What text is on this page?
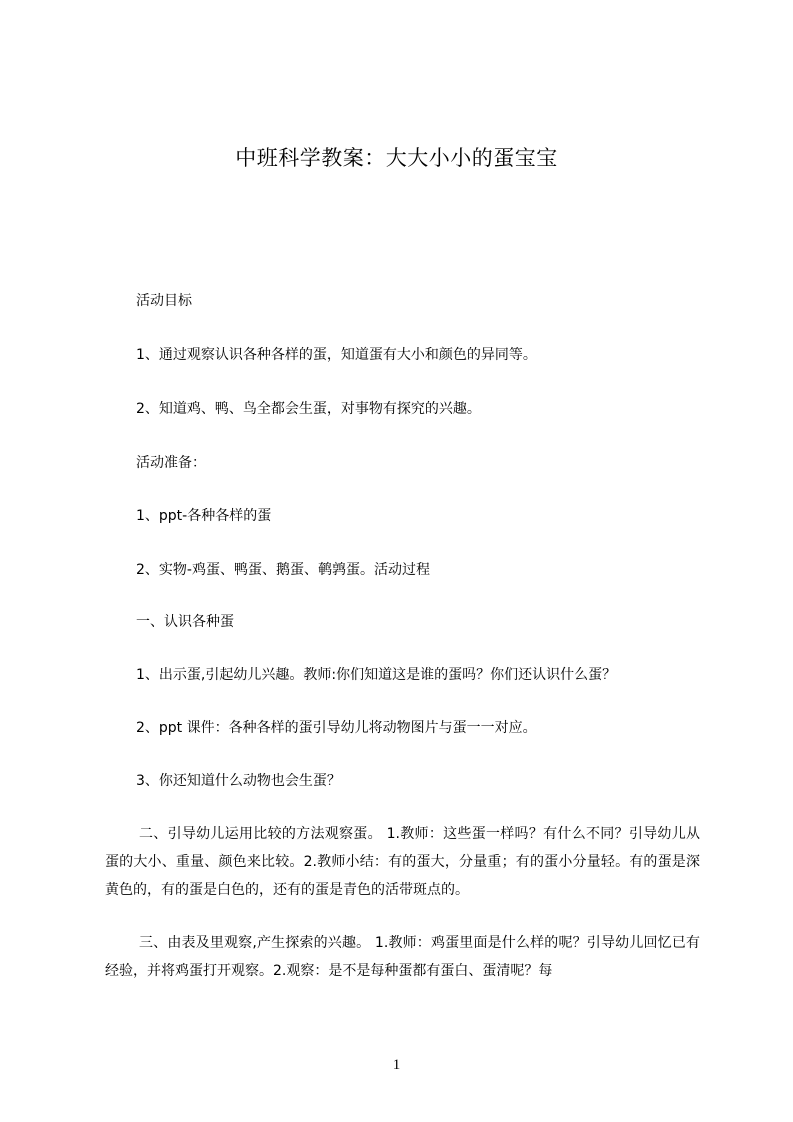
中班科学教案：大大小小的蛋宝宝
活动目标
1、通过观察认识各种各样的蛋，知道蛋有大小和颜色的异同等。
2、知道鸡、鸭、鸟全都会生蛋，对事物有探究的兴趣。
活动准备：
1、ppt-各种各样的蛋
2、实物-鸡蛋、鸭蛋、鹅蛋、鹌鹑蛋。活动过程
一、认识各种蛋
1、出示蛋,引起幼儿兴趣。教师:你们知道这是谁的蛋吗？你们还认识什么蛋？
2、ppt 课件：各种各样的蛋引导幼儿将动物图片与蛋一一对应。
3、你还知道什么动物也会生蛋？
二、引导幼儿运用比较的方法观察蛋。 1.教师：这些蛋一样吗？有什么不同？引导幼儿从蛋的大小、重量、颜色来比较。2.教师小结：有的蛋大，分量重；有的蛋小分量轻。有的蛋是深黄色的，有的蛋是白色的，还有的蛋是青色的活带斑点的。
三、由表及里观察,产生探索的兴趣。 1.教师：鸡蛋里面是什么样的呢？引导幼儿回忆已有经验，并将鸡蛋打开观察。2.观察：是不是每种蛋都有蛋白、蛋清呢？每
1
